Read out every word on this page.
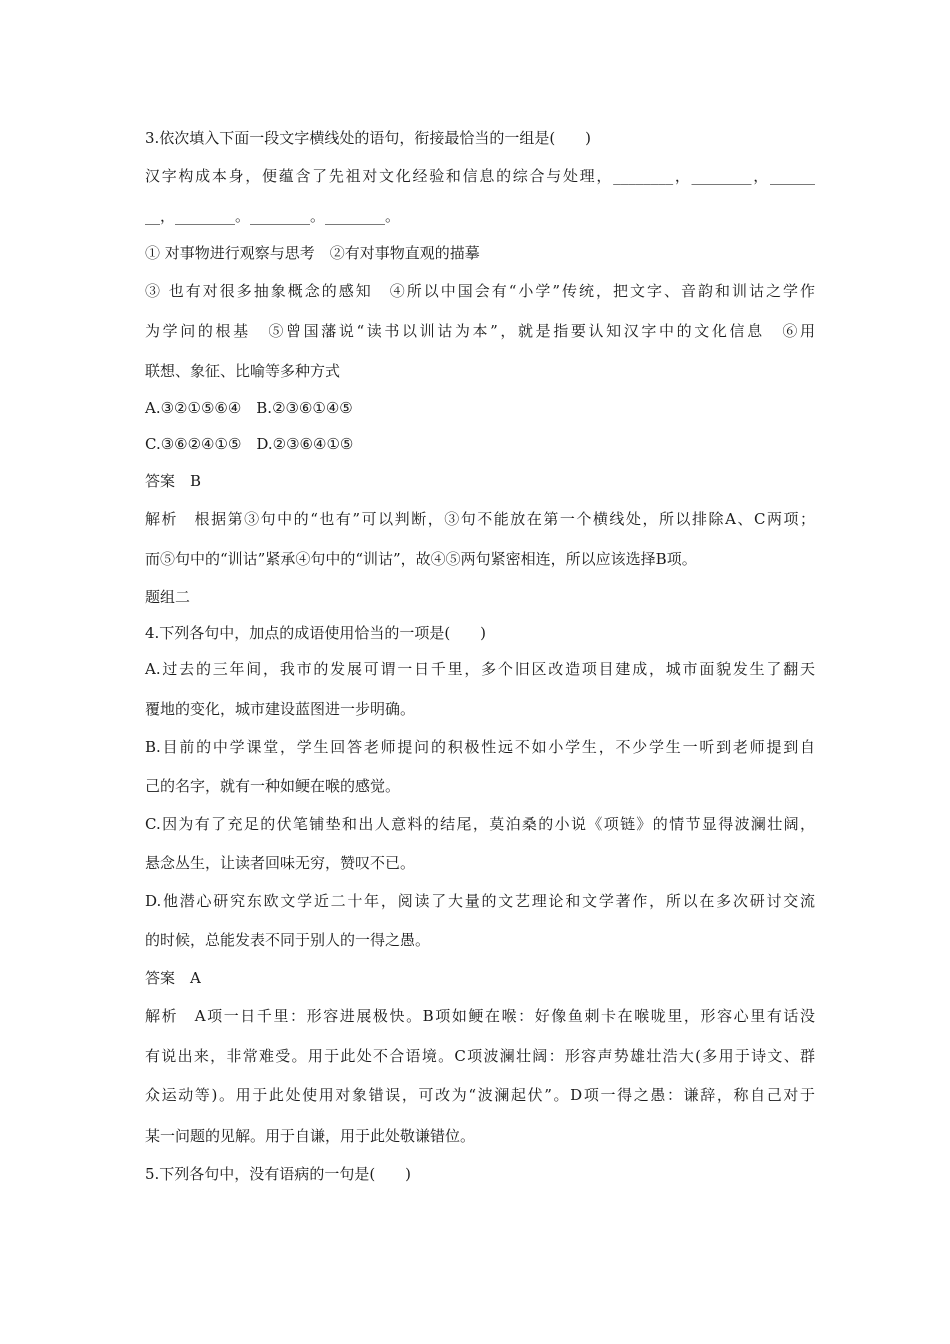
3.依次填入下面一段文字横线处的语句，衔接最恰当的一组是(　　)
汉字构成本身，便蕴含了先祖对文化经验和信息的综合与处理，________，________，______
__，________。________。________。
① 对事物进行观察与思考　②有对事物直观的描摹
③ 也有对很多抽象概念的感知　④所以中国会有“小学”传统，把文字、音韵和训诂之学作
为学问的根基　⑤曾国藩说“读书以训诂为本”，就是指要认知汉字中的文化信息　⑥用
联想、象征、比喻等多种方式
A.③②①⑤⑥④　B.②③⑥①④⑤
C.③⑥②④①⑤　D.②③⑥④①⑤
答案　B
解析　根据第③句中的“也有”可以判断，③句不能放在第一个横线处，所以排除A、C两项；
而⑤句中的“训诂”紧承④句中的“训诂”，故④⑤两句紧密相连，所以应该选择B项。
题组二
4.下列各句中，加点的成语使用恰当的一项是(　　)
A.过去的三年间，我市的发展可谓一日千里，多个旧区改造项目建成，城市面貌发生了翻天
覆地的变化，城市建设蓝图进一步明确。
B.目前的中学课堂，学生回答老师提问的积极性远不如小学生，不少学生一听到老师提到自
己的名字，就有一种如鲠在喉的感觉。
C.因为有了充足的伏笔铺垫和出人意料的结尾，莫泊桑的小说《项链》的情节显得波澜壮阔，
悬念丛生，让读者回味无穷，赞叹不已。
D.他潜心研究东欧文学近二十年，阅读了大量的文艺理论和文学著作，所以在多次研讨交流
的时候，总能发表不同于别人的一得之愚。
答案　A
解析　A项一日千里：形容进展极快。B项如鲠在喉：好像鱼刺卡在喉咙里，形容心里有话没
有说出来，非常难受。用于此处不合语境。C项波澜壮阔：形容声势雄壮浩大(多用于诗文、群
众运动等)。用于此处使用对象错误，可改为“波澜起伏”。D项一得之愚：谦辞，称自己对于
某一问题的见解。用于自谦，用于此处敬谦错位。
5.下列各句中，没有语病的一句是(　　)
